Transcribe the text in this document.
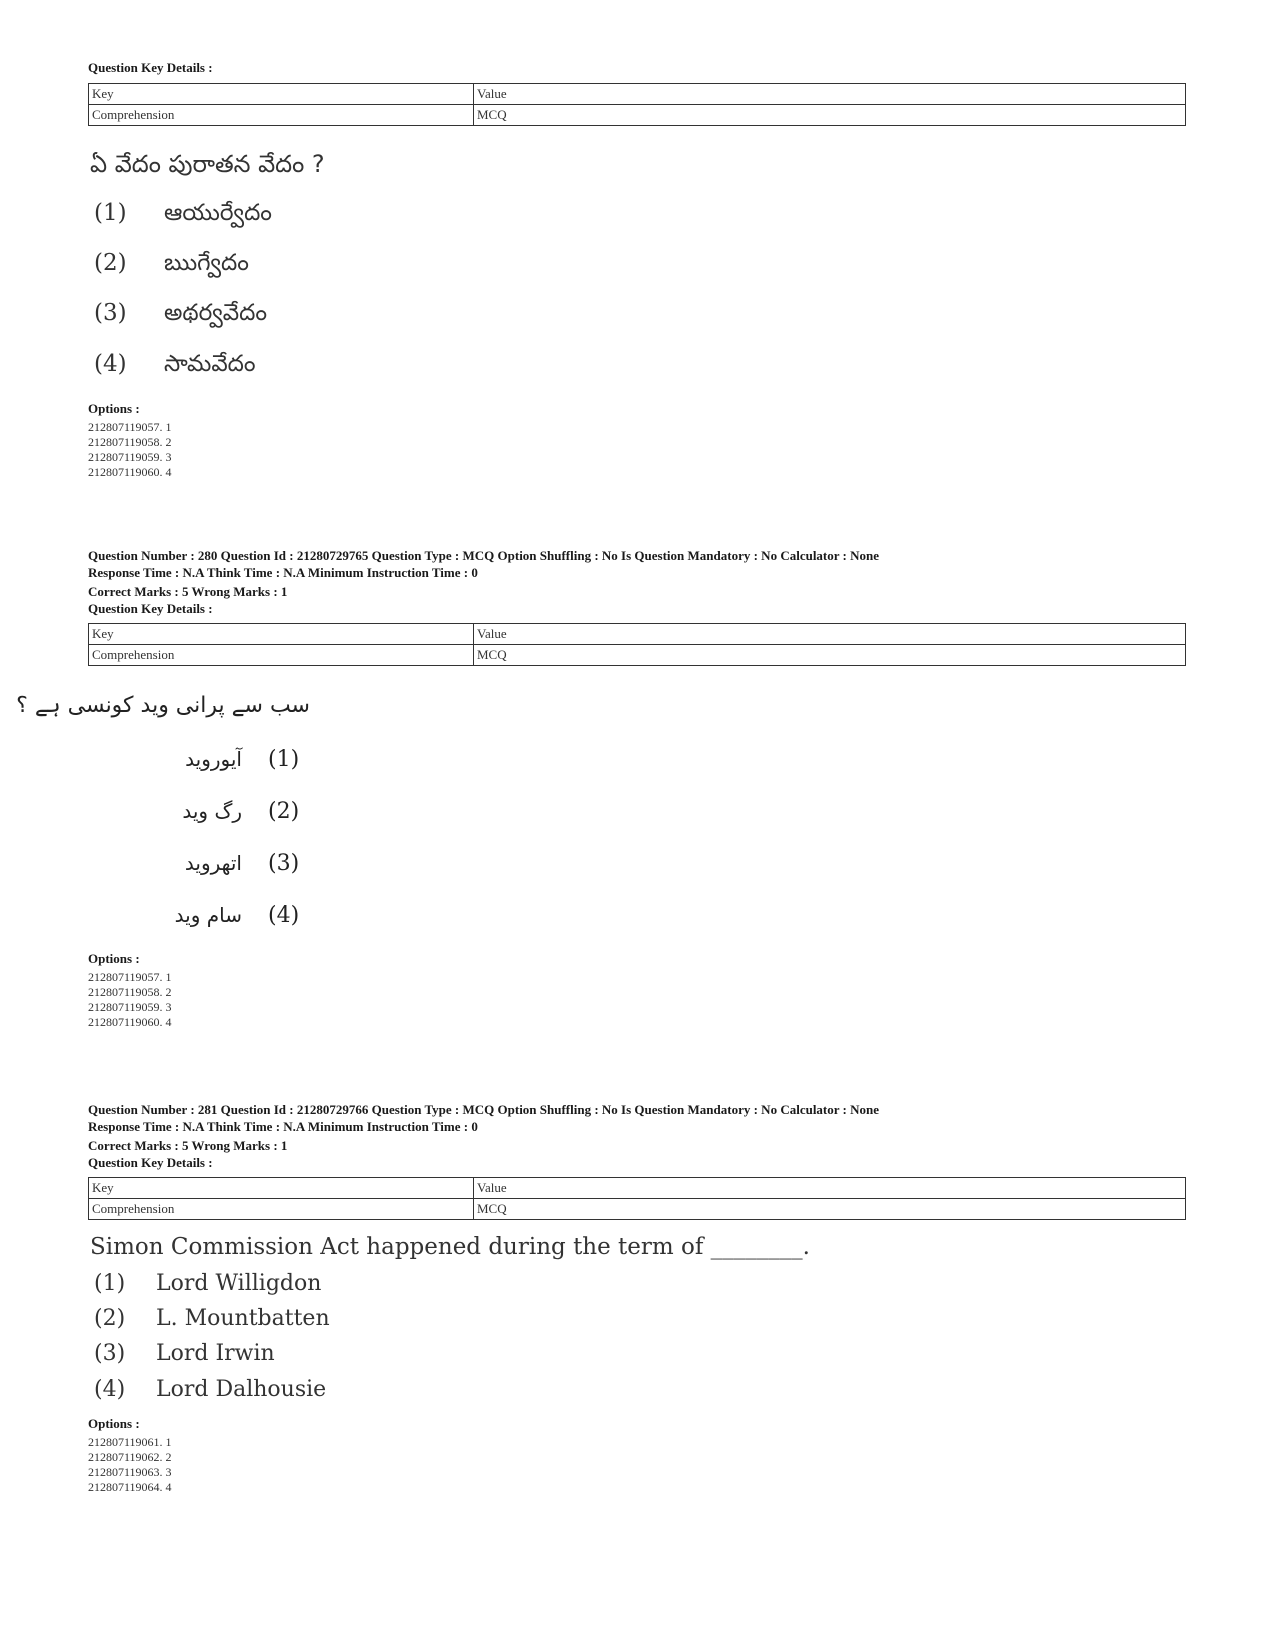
Question Key Details :
Key	Value
Comprehension	MCQ
ఏ వేదం పురాతన వేదం ?
(1) ఆయుర్వేదం
(2) ఋగ్వేదం
(3) అథర్వవేదం
(4) సామవేదం
Options :
212807119057. 1
212807119058. 2
212807119059. 3
212807119060. 4
Question Number : 280 Question Id : 21280729765 Question Type : MCQ Option Shuffling : No Is Question Mandatory : No Calculator : None
Response Time : N.A Think Time : N.A Minimum Instruction Time : 0
Correct Marks : 5 Wrong Marks : 1
Question Key Details :
Key	Value
Comprehension	MCQ
سب سے پرانی وید کونسی ہے ؟
آیوروید (1)
رگ وید (2)
اتھروید (3)
سام وید (4)
Options :
212807119057. 1
212807119058. 2
212807119059. 3
212807119060. 4
Question Number : 281 Question Id : 21280729766 Question Type : MCQ Option Shuffling : No Is Question Mandatory : No Calculator : None
Response Time : N.A Think Time : N.A Minimum Instruction Time : 0
Correct Marks : 5 Wrong Marks : 1
Question Key Details :
Key	Value
Comprehension	MCQ
Simon Commission Act happened during the term of ________.
(1) Lord Willigdon
(2) L. Mountbatten
(3) Lord Irwin
(4) Lord Dalhousie
Options :
212807119061. 1
212807119062. 2
212807119063. 3
212807119064. 4
